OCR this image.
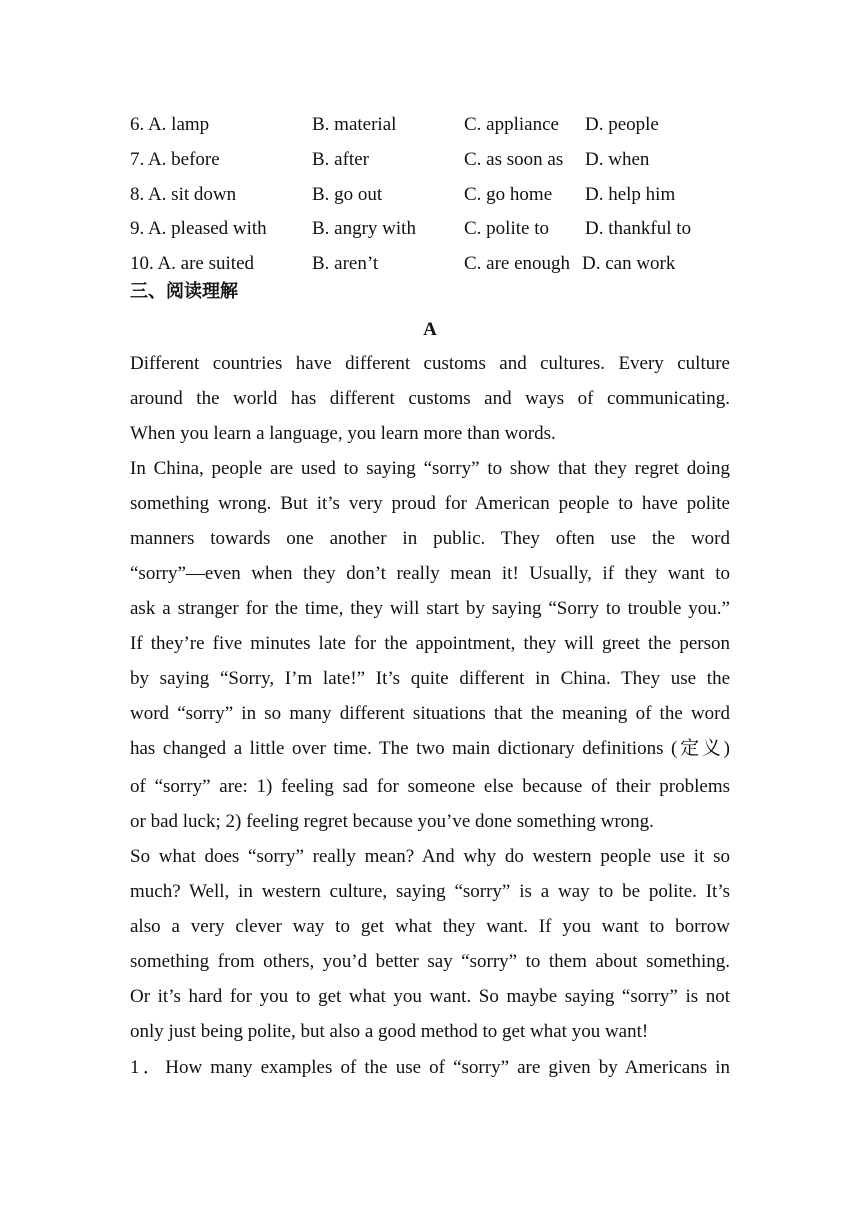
6. A. lamp	B. material	C. appliance D. people
7. A. before	B. after	C. as soon as D. when
8. A. sit down	B. go out	C. go home D. help him
9. A. pleased with B. angry with	C. polite to D. thankful to
10. A. are suited	B. aren’t	C. are enough D. can work
三、阅读理解
A
Different countries have different customs and cultures. Every culture
around the world has different customs and ways of communicating.
When you learn a language, you learn more than words.
In China, people are used to saying “sorry” to show that they regret doing
something wrong. But it’s very proud for American people to have polite
manners towards one another in public. They often use the word
“sorry”—even when they don’t really mean it! Usually, if they want to
ask a stranger for the time, they will start by saying “Sorry to trouble you.”
If they’re five minutes late for the appointment, they will greet the person
by saying “Sorry, I’m late!” It’s quite different in China. They use the
word “sorry” in so many different situations that the meaning of the word
has changed a little over time. The two main dictionary definitions (定义)
of “sorry” are: 1) feeling sad for someone else because of their problems
or bad luck; 2) feeling regret because you’ve done something wrong.
So what does “sorry” really mean? And why do western people use it so
much? Well, in western culture, saying “sorry” is a way to be polite. It’s
also a very clever way to get what they want. If you want to borrow
something from others, you’d better say “sorry” to them about something.
Or it’s hard for you to get what you want. So maybe saying “sorry” is not
only just being polite, but also a good method to get what you want!
1．How many examples of the use of “sorry” are given by Americans in
